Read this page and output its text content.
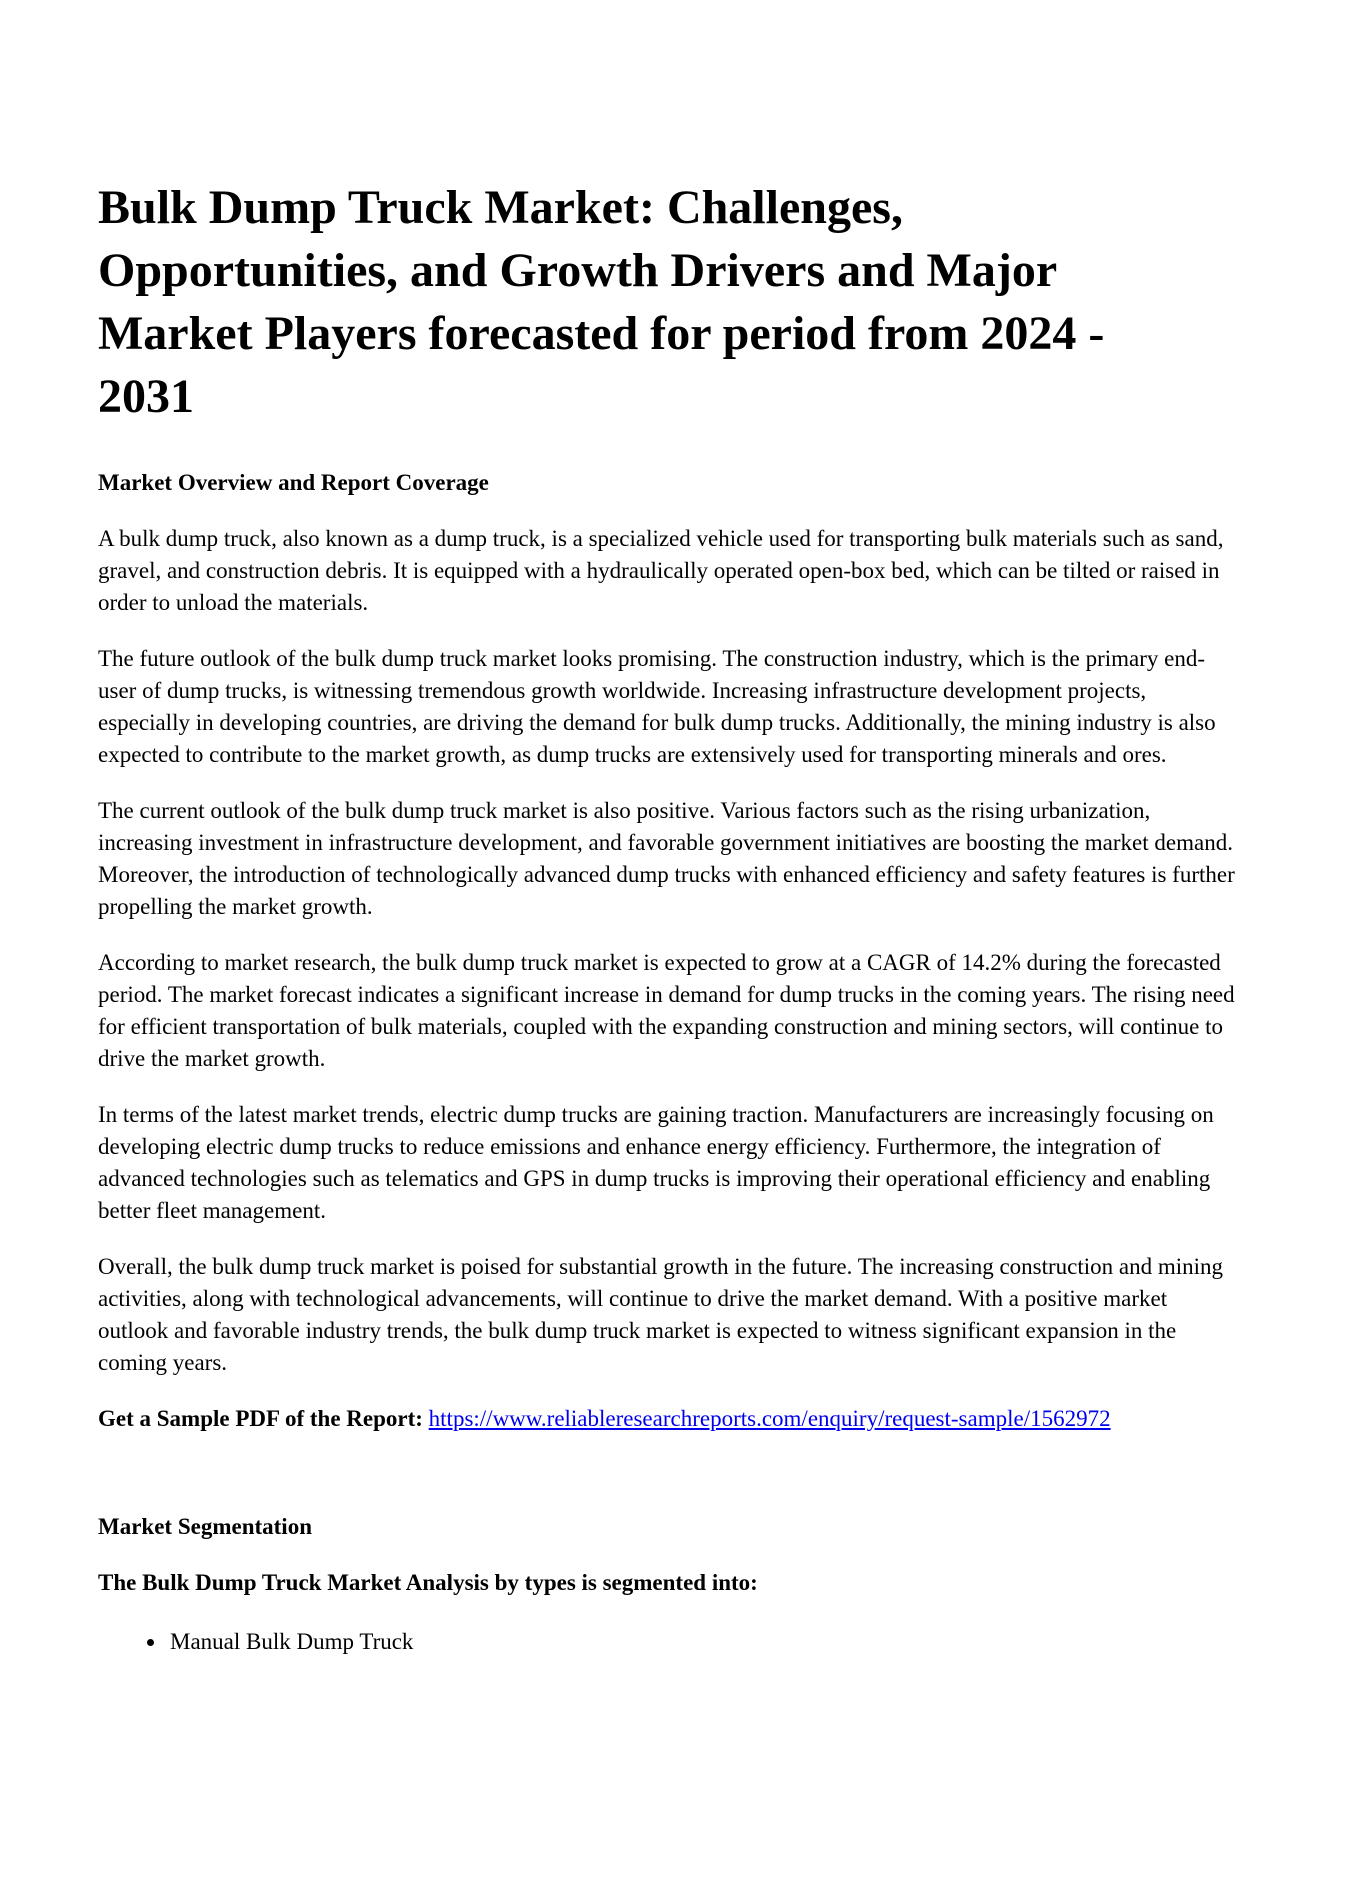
Bulk Dump Truck Market: Challenges,
Opportunities, and Growth Drivers and Major
Market Players forecasted for period from 2024 -
2031
Market Overview and Report Coverage

A bulk dump truck, also known as a dump truck, is a specialized vehicle used for transporting bulk materials such as sand, gravel, and construction debris. It is equipped with a hydraulically operated open-box bed, which can be tilted or raised in order to unload the materials.

The future outlook of the bulk dump truck market looks promising. The construction industry, which is the primary end-user of dump trucks, is witnessing tremendous growth worldwide. Increasing infrastructure development projects, especially in developing countries, are driving the demand for bulk dump trucks. Additionally, the mining industry is also expected to contribute to the market growth, as dump trucks are extensively used for transporting minerals and ores.

The current outlook of the bulk dump truck market is also positive. Various factors such as the rising urbanization, increasing investment in infrastructure development, and favorable government initiatives are boosting the market demand. Moreover, the introduction of technologically advanced dump trucks with enhanced efficiency and safety features is further propelling the market growth.

According to market research, the bulk dump truck market is expected to grow at a CAGR of 14.2% during the forecasted period. The market forecast indicates a significant increase in demand for dump trucks in the coming years. The rising need for efficient transportation of bulk materials, coupled with the expanding construction and mining sectors, will continue to drive the market growth.

In terms of the latest market trends, electric dump trucks are gaining traction. Manufacturers are increasingly focusing on developing electric dump trucks to reduce emissions and enhance energy efficiency. Furthermore, the integration of advanced technologies such as telematics and GPS in dump trucks is improving their operational efficiency and enabling better fleet management.

Overall, the bulk dump truck market is poised for substantial growth in the future. The increasing construction and mining activities, along with technological advancements, will continue to drive the market demand. With a positive market outlook and favorable industry trends, the bulk dump truck market is expected to witness significant expansion in the coming years.

Get a Sample PDF of the Report: https://www.reliableresearchreports.com/enquiry/request-sample/1562972

Market Segmentation
The Bulk Dump Truck Market Analysis by types is segmented into:
• Manual Bulk Dump Truck
